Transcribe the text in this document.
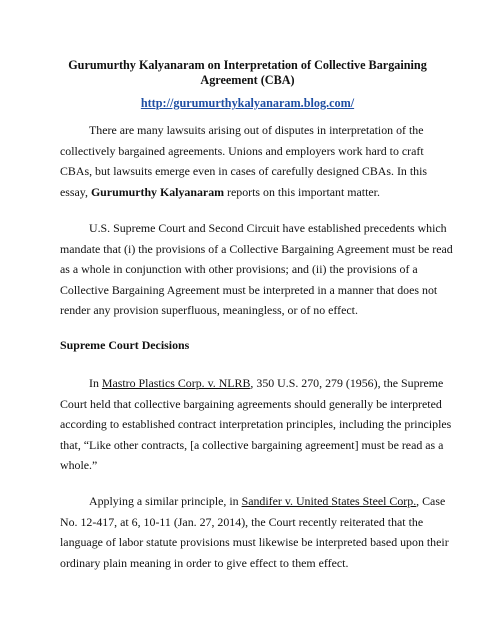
Gurumurthy Kalyanaram on Interpretation of Collective Bargaining
Agreement (CBA)
http://gurumurthykalyanaram.blog.com/
There are many lawsuits arising out of disputes in interpretation of the
collectively bargained agreements. Unions and employers work hard to craft
CBAs, but lawsuits emerge even in cases of carefully designed CBAs. In this
essay, Gurumurthy Kalyanaram reports on this important matter.
U.S. Supreme Court and Second Circuit have established precedents which
mandate that (i) the provisions of a Collective Bargaining Agreement must be read
as a whole in conjunction with other provisions; and (ii) the provisions of a
Collective Bargaining Agreement must be interpreted in a manner that does not
render any provision superfluous, meaningless, or of no effect.
Supreme Court Decisions
In Mastro Plastics Corp. v. NLRB, 350 U.S. 270, 279 (1956), the Supreme
Court held that collective bargaining agreements should generally be interpreted
according to established contract interpretation principles, including the principles
that, “Like other contracts, [a collective bargaining agreement] must be read as a
whole.”
Applying a similar principle, in Sandifer v. United States Steel Corp., Case
No. 12-417, at 6, 10-11 (Jan. 27, 2014), the Court recently reiterated that the
language of labor statute provisions must likewise be interpreted based upon their
ordinary plain meaning in order to give effect to them effect.
